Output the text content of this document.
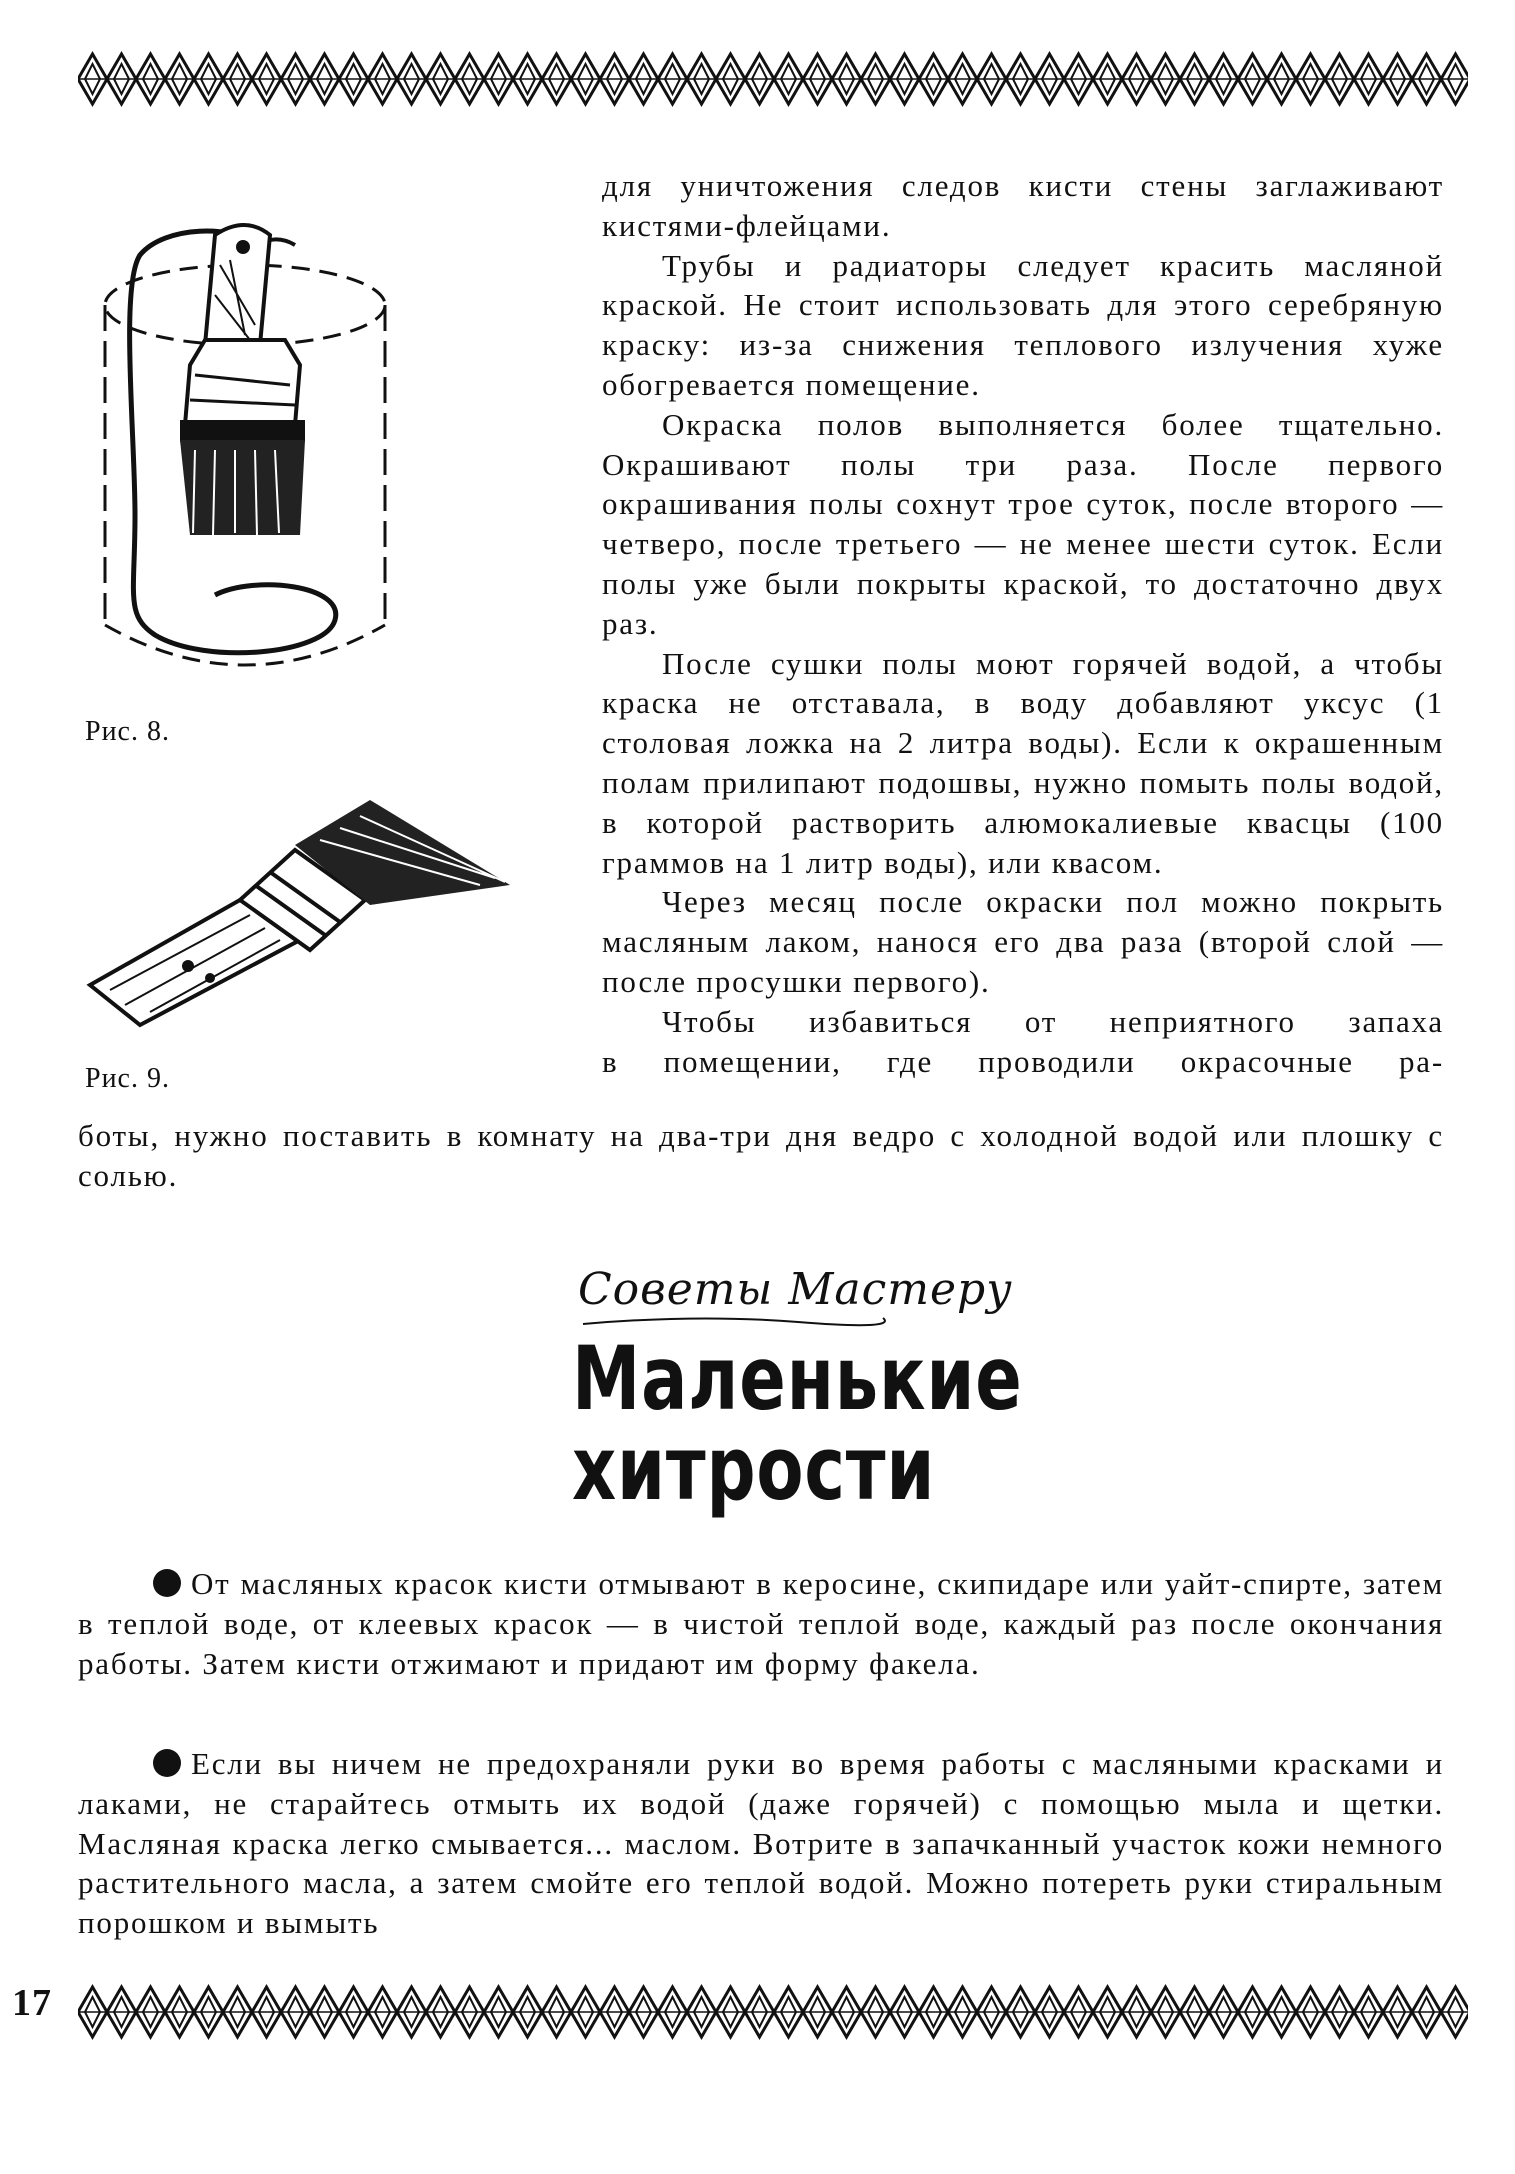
17
Рис. 8.
Рис. 9.

для уничтожения следов кисти стены заглаживают кистями-флейцами.

Трубы и радиаторы следует красить масляной краской. Не стоит использовать для этого серебряную краску: из-за снижения теплового излучения хуже обогревается помещение.

Окраска полов выполняется более тщательно. Окрашивают полы три раза. После первого окрашивания полы сохнут трое суток, после второго — четверо, после третьего — не менее шести суток. Если полы уже были покрыты краской, то достаточно двух раз.

После сушки полы моют горячей водой, а чтобы краска не отставала, в воду добавляют уксус (1 столовая ложка на 2 литра воды). Если к окрашенным полам прилипают подошвы, нужно помыть полы водой, в которой растворить алюмокалиевые квасцы (100 граммов на 1 литр воды), или квасом.

Через месяц после окраски пол можно покрыть масляным лаком, нанося его два раза (второй слой — после просушки первого).

Чтобы избавиться от неприятного запаха

в помещении, где проводили окрасочные ра-

боты, нужно поставить в комнату на два-три дня ведро с холодной водой или плошку с солью.

Советы Мастеру
Маленькие
хитрости

От масляных красок кисти отмывают в керосине, скипидаре или уайт-спирте, затем в теплой воде, от клеевых красок — в чистой теплой воде, каждый раз после окончания работы. Затем кисти отжимают и придают им форму факела.

Если вы ничем не предохраняли руки во время работы с масляными красками и лаками, не старайтесь отмыть их водой (даже горячей) с помощью мыла и щетки. Масляная краска легко смывается... маслом. Вотрите в запачканный участок кожи немного растительного масла, а затем смойте его теплой водой. Можно потереть руки стиральным порошком и вымыть
